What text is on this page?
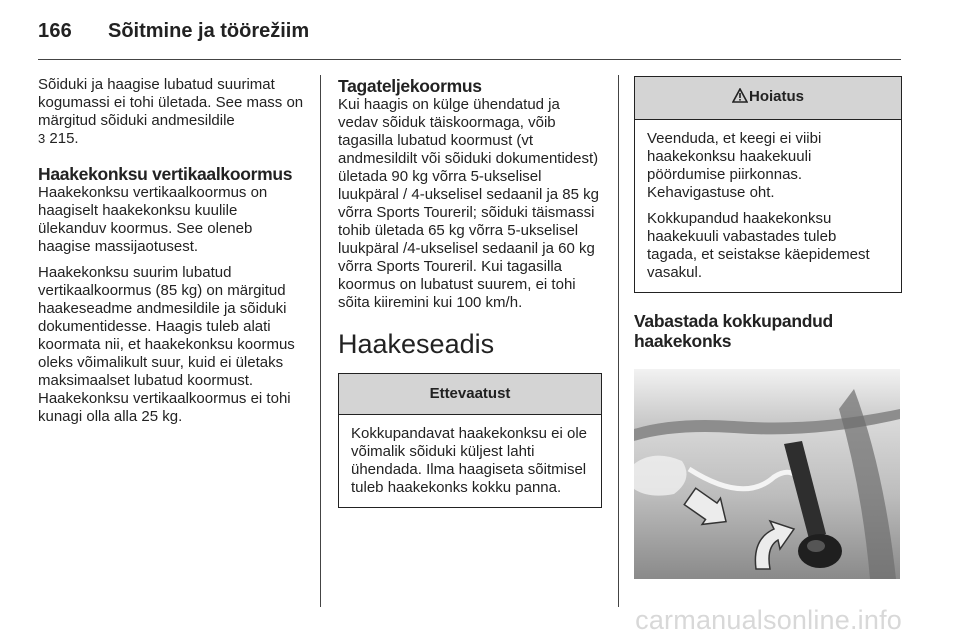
166 Sõitmine ja töörežiim

Sõiduki ja haagise lubatud suurimat kogumassi ei tohi ületada. See mass on märgitud sõiduki andmesildile
3 215.

Haakekonksu vertikaalkoormus

Haakekonksu vertikaalkoormus on haagiselt haakekonksu kuulile ülekanduv koormus. See oleneb haagise massijaotusest.

Haakekonksu suurim lubatud vertikaalkoormus (85 kg) on märgitud haakeseadme andmesildile ja sõiduki dokumentidesse. Haagis tuleb alati koormata nii, et haakekonksu koormus oleks võimalikult suur, kuid ei ületaks maksimaalset lubatud koormust. Haakekonksu vertikaalkoormus ei tohi kunagi olla alla 25 kg.

Tagateljekoormus

Kui haagis on külge ühendatud ja vedav sõiduk täiskoormaga, võib tagasilla lubatud koormust (vt andmesildilt või sõiduki dokumentidest) ületada 90 kg võrra 5-ukselisel luukpäral / 4-ukselisel sedaanil ja 85 kg võrra Sports Toureril; sõiduki täismassi tohib ületada 65 kg võrra 5-ukselisel luukpäral /4-ukselisel sedaanil ja 60 kg võrra Sports Toureril. Kui tagasilla koormus on lubatust suurem, ei tohi sõita kiiremini kui 100 km/h.

Haakeseadis
Ettevaatust

Kokkupandavat haakekonksu ei ole võimalik sõiduki küljest lahti ühendada. Ilma haagiseta sõitmisel tuleb haakekonks kokku panna.

Hoiatus

Veenduda, et keegi ei viibi haakekonksu haakekuuli pöördumise piirkonnas. Kehavigastuse oht.

Kokkupandud haakekonksu haakekuuli vabastades tuleb tagada, et seistakse käepidemest vasakul.

Vabastada kokkupandud haakekonks
carmanualsonline.info
